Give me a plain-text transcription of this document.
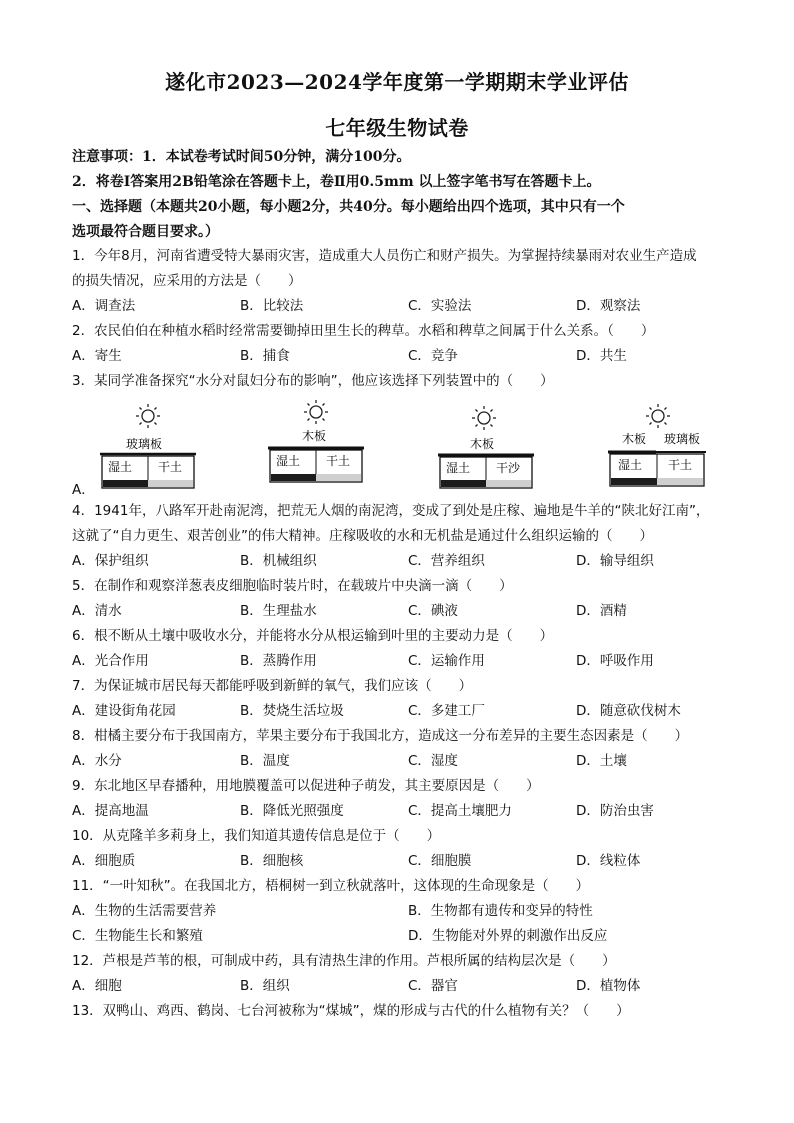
遂化市2023—2024学年度第一学期期末学业评估
七年级生物试卷
注意事项：1．本试卷考试时间50分钟，满分100分。
2．将卷Ⅰ答案用2B铅笔涂在答题卡上，卷Ⅱ用0.5mm 以上签字笔书写在答题卡上。
一、选择题（本题共20小题，每小题2分，共40分。每小题给出四个选项，其中只有一个
选项最符合题目要求。）
1．今年8月，河南省遭受特大暴雨灾害，造成重大人员伤亡和财产损失。为掌握持续暴雨对农业生产造成
的损失情况，应采用的方法是（　　）
A．调查法	B．比较法	C．实验法	D．观察法
2．农民伯伯在种植水稻时经常需要锄掉田里生长的稗草。水稻和稗草之间属于什么关系。（　　）
A．寄生	B．捕食	C．竞争	D．共生
3．某同学准备探究“水分对鼠妇分布的影响”，他应该选择下列装置中的（　　）
A．
玻璃板
湿土 干土
木板
湿土 干土
木板
湿土 干沙
木板 玻璃板
湿土 干土
4．1941年，八路军开赴南泥湾，把荒无人烟的南泥湾，变成了到处是庄稼、遍地是牛羊的“陕北好江南”，
这就了“自力更生、艰苦创业”的伟大精神。庄稼吸收的水和无机盐是通过什么组织运输的（　　）
A．保护组织	B．机械组织	C．营养组织	D．输导组织
5．在制作和观察洋葱表皮细胞临时装片时，在载玻片中央滴一滴（　　）
A．清水	B．生理盐水	C．碘液	D．酒精
6．根不断从土壤中吸收水分，并能将水分从根运输到叶里的主要动力是（　　）
A．光合作用	B．蒸腾作用	C．运输作用	D．呼吸作用
7．为保证城市居民每天都能呼吸到新鲜的氧气，我们应该（　　）
A．建设街角花园	B．焚烧生活垃圾	C．多建工厂	D．随意砍伐树木
8．柑橘主要分布于我国南方，苹果主要分布于我国北方，造成这一分布差异的主要生态因素是（　　）
A．水分	B．温度	C．湿度	D．土壤
9．东北地区早春播种，用地膜覆盖可以促进种子萌发，其主要原因是（　　）
A．提高地温	B．降低光照强度	C．提高土壤肥力	D．防治虫害
10．从克隆羊多莉身上，我们知道其遗传信息是位于（　　）
A．细胞质	B．细胞核	C．细胞膜	D．线粒体
11．“一叶知秋”。在我国北方，梧桐树一到立秋就落叶，这体现的生命现象是（　　）
A．生物的生活需要营养	B．生物都有遗传和变异的特性
C．生物能生长和繁殖	D．生物能对外界的刺激作出反应
12．芦根是芦苇的根，可制成中药，具有清热生津的作用。芦根所属的结构层次是（　　）
A．细胞	B．组织	C．器官	D．植物体
13．双鸭山、鸡西、鹤岗、七台河被称为“煤城”，煤的形成与古代的什么植物有关？（　　）
